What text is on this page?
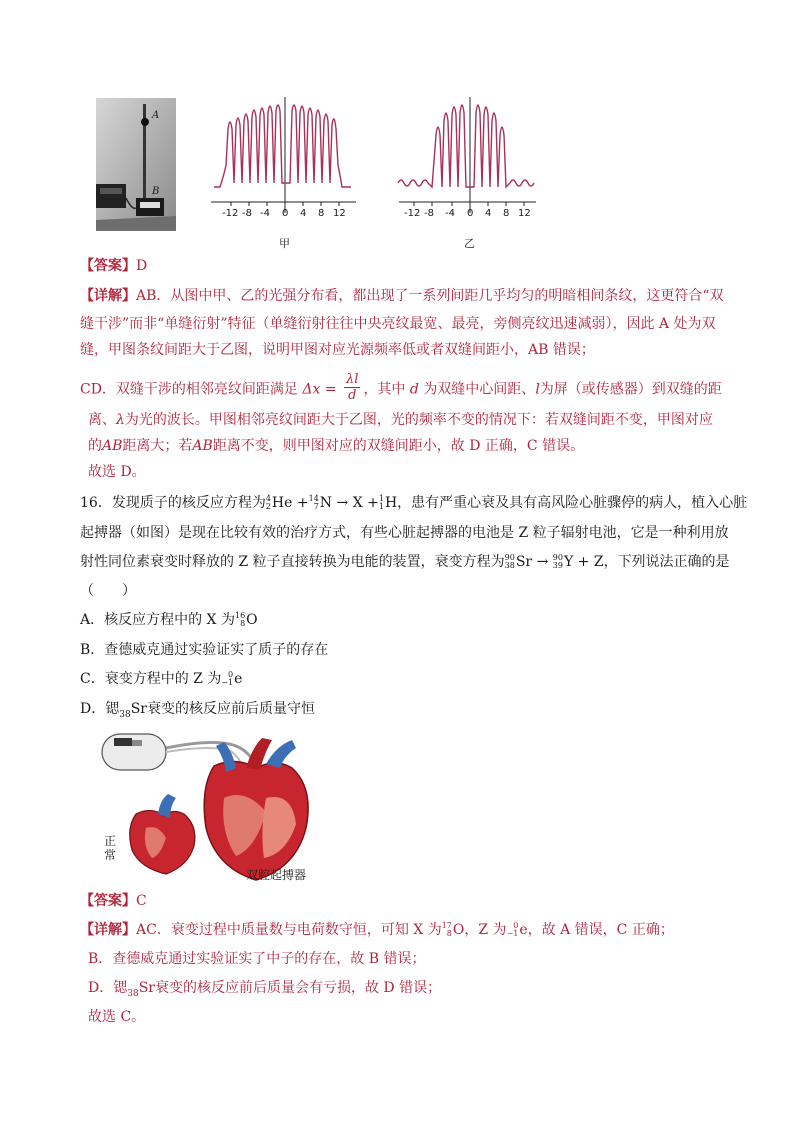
A
B
-12 -8 -4 0 4 8 12
甲
-12 -8 -4 0 4 8 12
乙
【答案】D
【详解】AB．从图中甲、乙的光强分布看，都出现了一系列间距几乎均匀的明暗相间条纹，这更符合“双
缝干涉”而非“单缝衍射”特征（单缝衍射往往中央亮纹最宽、最亮，旁侧亮纹迅速减弱），因此 A 处为双
缝，甲图条纹间距大于乙图，说明甲图对应光源频率低或者双缝间距小，AB 错误；
CD．双缝干涉的相邻亮纹间距满足 $\Delta x = \frac{\lambda l}{d}$ ，其中 d 为双缝中心间距、l为屏（或传感器）到双缝的距
离、λ为光的波长。甲图相邻亮纹间距大于乙图，光的频率不变的情况下：若双缝间距不变，甲图对应
的AB距离大；若AB距离不变，则甲图对应的双缝间距小，故 D 正确，C 错误。
故选 D。
16．发现质子的核反应方程为 4
2 He + 14
7 N → X + 1
1 H，患有严重心衰及具有高风险心脏骤停的病人，植入心脏
起搏器（如图）是现在比较有效的治疗方式，有些心脏起搏器的电池是 Z 粒子辐射电池，它是一种利用放
射性同位素衰变时释放的 Z 粒子直接转换为电能的装置，衰变方程为 90
38 Sr → 90
39 Y + Z，下列说法正确的是
（　　）
A．核反应方程中的 X 为 16
8 O
B．查德威克通过实验证实了质子的存在
C．衰变方程中的 Z 为 0
−1 e
D．锶$_{38}$Sr衰变的核反应前后质量守恒
正常
双腔起搏器
【答案】C
【详解】AC．衰变过程中质量数与电荷数守恒，可知 X 为 17
8 O，Z 为 0
−1 e，故 A 错误，C 正确；
B．查德威克通过实验证实了中子的存在，故 B 错误；
D．锶$_{38}$Sr衰变的核反应前后质量会有亏损，故 D 错误；
故选 C。
